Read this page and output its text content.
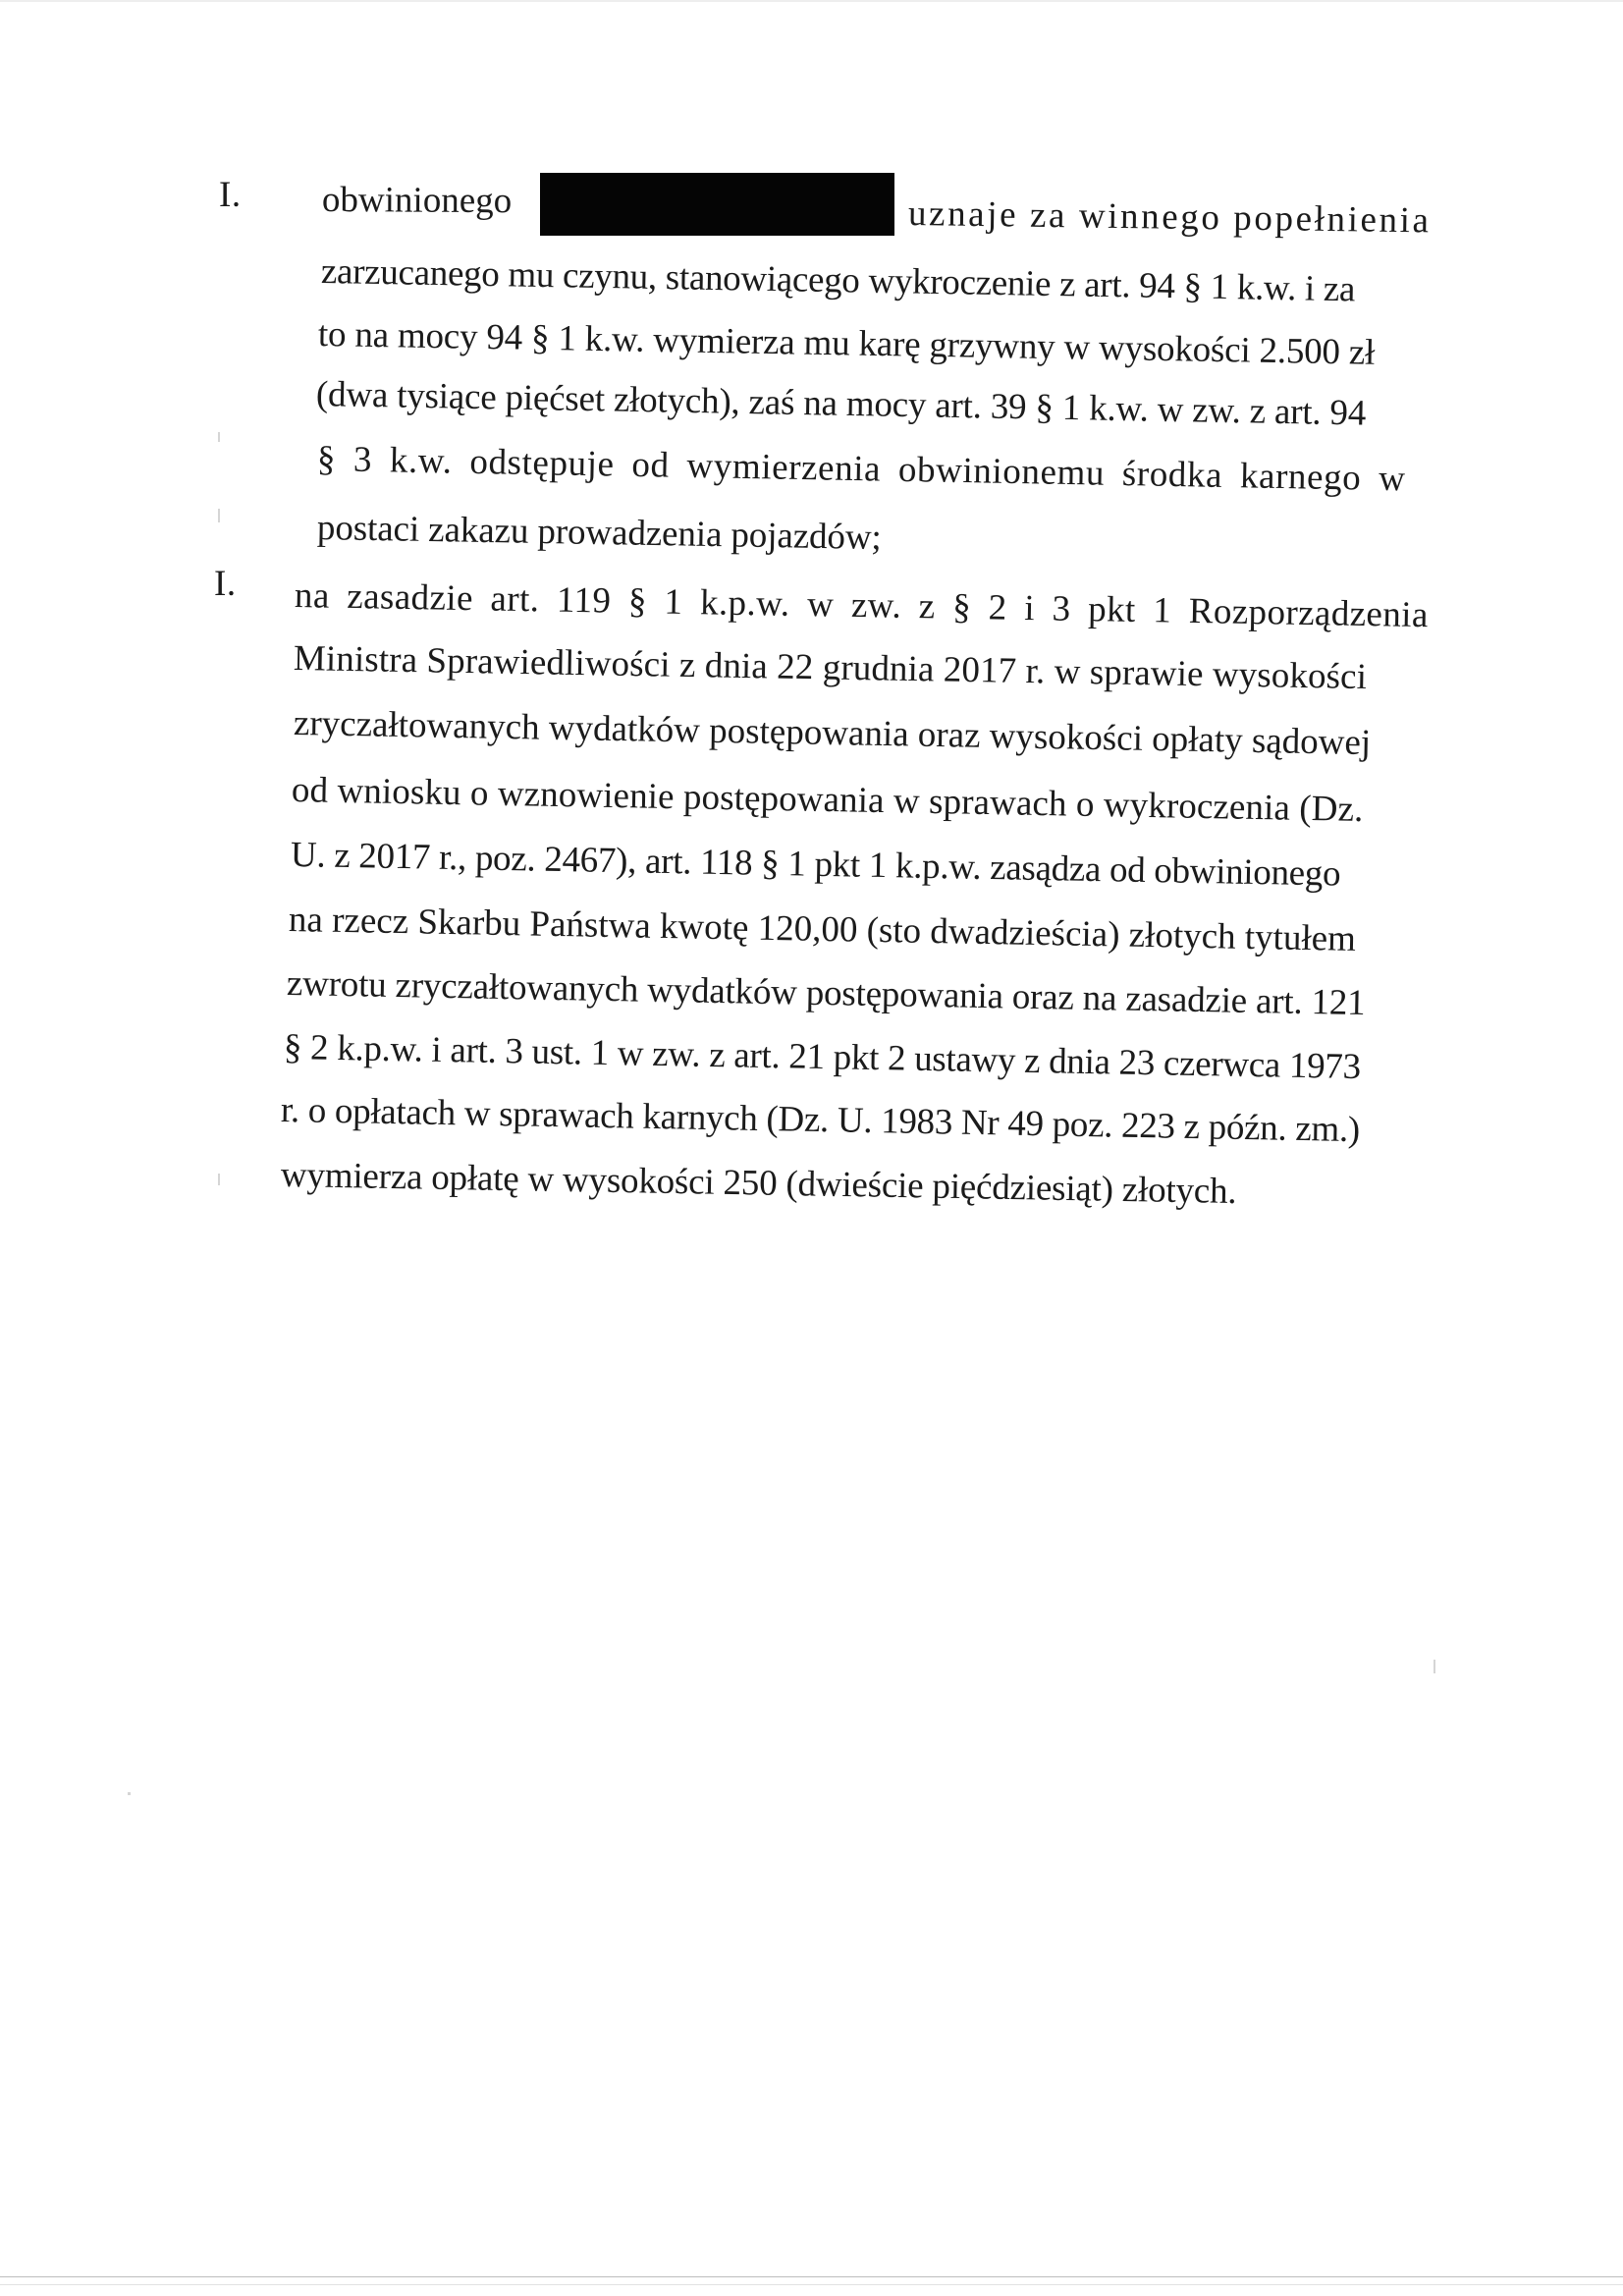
I. obwinionego	uznaje za winnego popełnienia
zarzucanego mu czynu, stanowiącego wykroczenie z art. 94 § 1 k.w. i za
to na mocy 94 § 1 k.w. wymierza mu karę grzywny w wysokości 2.500 zł
(dwa tysiące pięćset złotych), zaś na mocy art. 39 § 1 k.w. w zw. z art. 94
§ 3 k.w. odstępuje od wymierzenia obwinionemu środka karnego w
postaci zakazu prowadzenia pojazdów;
I. na zasadzie art. 119 § 1 k.p.w. w zw. z § 2 i 3 pkt 1 Rozporządzenia
Ministra Sprawiedliwości z dnia 22 grudnia 2017 r. w sprawie wysokości
zryczałtowanych wydatków postępowania oraz wysokości opłaty sądowej
od wniosku o wznowienie postępowania w sprawach o wykroczenia (Dz.
U. z 2017 r., poz. 2467), art. 118 § 1 pkt 1 k.p.w. zasądza od obwinionego
na rzecz Skarbu Państwa kwotę 120,00 (sto dwadzieścia) złotych tytułem
zwrotu zryczałtowanych wydatków postępowania oraz na zasadzie art. 121
§ 2 k.p.w. i art. 3 ust. 1 w zw. z art. 21 pkt 2 ustawy z dnia 23 czerwca 1973
r. o opłatach w sprawach karnych (Dz. U. 1983 Nr 49 poz. 223 z późn. zm.)
wymierza opłatę w wysokości 250 (dwieście pięćdziesiąt) złotych.
